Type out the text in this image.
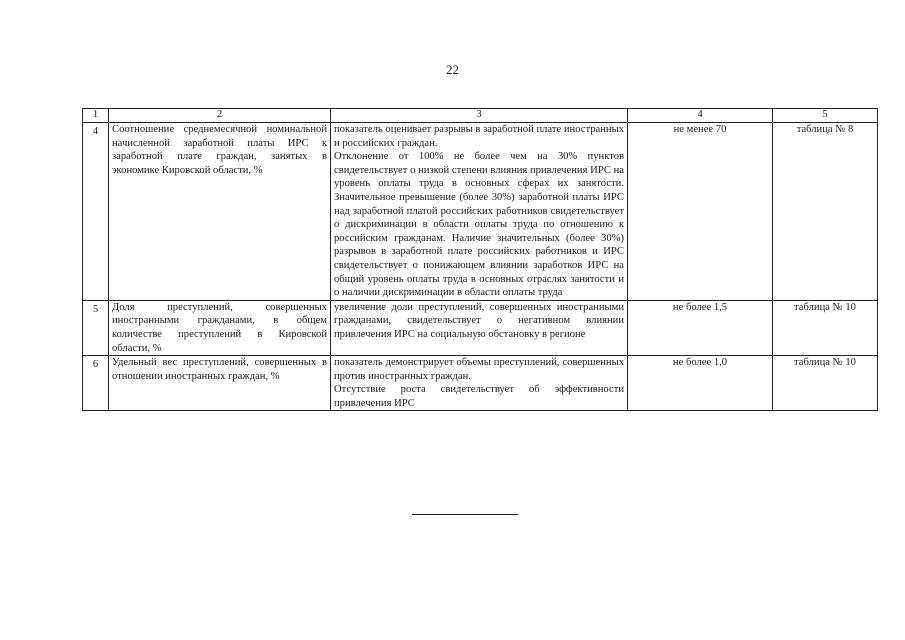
22
1	2	3	4	5
4	Соотношение среднемесячной номинальной начисленной заработной платы ИРС к заработной плате граждан, занятых в экономике Кировской области, %	показатель оценивает разрывы в заработной плате иностранных и российских граждан.

Отклонение от 100% не более чем на 30% пунктов свидетельствует о низкой степени влияния привлечения ИРС на уровень оплаты труда в основных сферах их занятости. Значительное превышение (более 30%) заработной платы ИРС над заработной платой российских работников свидетельствует о дискриминации в области оплаты труда по отношению к российским гражданам. Наличие значительных (более 30%) разрывов в заработной плате российских работников и ИРС свидетельствует о понижающем влиянии заработков ИРС на общий уровень оплаты труда в основных отраслях занятости и о наличии дискриминации в области оплаты труда	не менее 70	таблица № 8
5	Доля преступлений, совершенных иностранными гражданами, в общем количестве преступлений в Кировской области, %	увеличение доли преступлений, совершенных иностранными гражданами, свидетельствует о негативном влиянии привлечения ИРС на социальную обстановку в регионе	не более 1,5	таблица № 10
6	Удельный вес преступлений, совершенных в отношении иностранных граждан, %	показатель демонстрирует объемы преступлений, совершенных против иностранных граждан.

Отсутствие роста свидетельствует об эффективности привлечения ИРС	не более 1,0	таблица № 10
